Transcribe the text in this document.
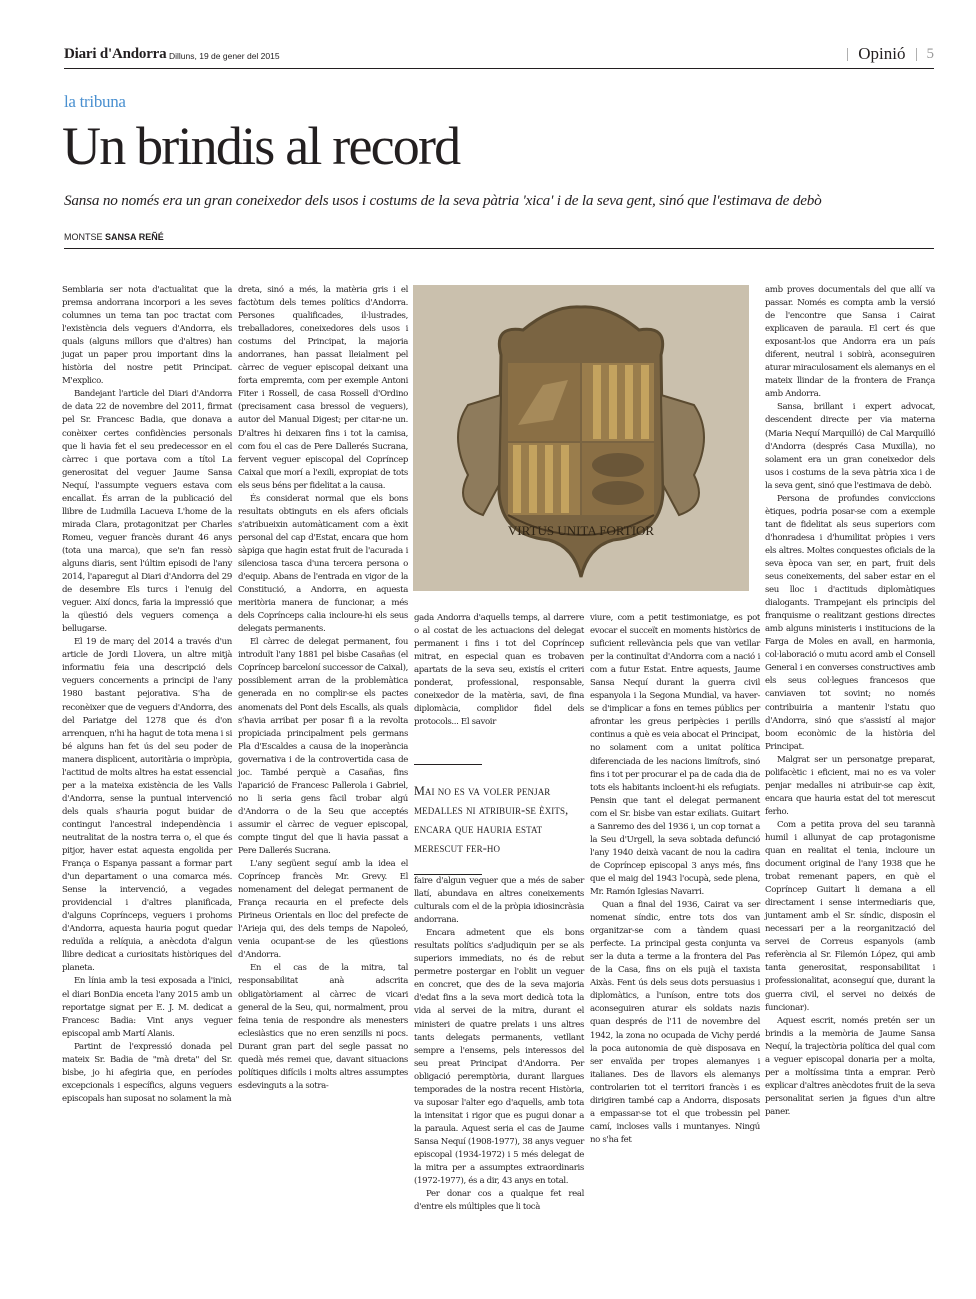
Diari d'Andorra Dilluns, 19 de gener del 2015	Opinió 5
la tribuna
Un brindis al record
Sansa no només era un gran coneixedor dels usos i costums de la seva pàtria 'xica' i de la seva gent, sinó que l'estimava de debò
MONTSE SANSA REÑÉ

Semblaria ser nota d'actualitat que la premsa andorrana incorpori a les seves columnes un tema tan poc tractat com l'existència dels veguers d'Andorra, els quals (alguns millors que d'altres) han jugat un paper prou important dins la història del nostre petit Principat. M'explico.

Bandejant l'article del Diari d'Andorra de data 22 de novembre del 2011, firmat pel Sr. Francesc Badia, que donava a conèixer certes confidències personals que li havia fet el seu predecessor en el càrrec i que portava com a títol La generositat del veguer Jaume Sansa Nequí, l'assumpte veguers estava com encallat. És arran de la publicació del llibre de Ludmilla Lacueva L'home de la mirada Clara, protagonitzat per Charles Romeu, veguer francès durant 46 anys (tota una marca), que se'n fan ressò alguns diaris, sent l'últim episodi de l'any 2014, l'aparegut al Diari d'Andorra del 29 de desembre Els turcs i l'enuig del veguer. Així doncs, faria la impressió que la qüestió dels veguers comença a bellugarse.

El 19 de març del 2014 a través d'un article de Jordi Llovera, un altre mitjà informatiu feia una descripció dels veguers concernents a principi de l'any 1980 bastant pejorativa. S'ha de reconèixer que de veguers d'Andorra, des del Pariatge del 1278 que és d'on arrenquen, n'hi ha hagut de tota mena i si bé alguns han fet ús del seu poder de manera displicent, autoritària o impròpia, l'actitud de molts altres ha estat essencial per a la mateixa existència de les Valls d'Andorra, sense la puntual intervenció dels quals s'hauria pogut buidar de contingut l'ancestral independència i neutralitat de la nostra terra o, el que és pitjor, haver estat aquesta engolida per França o Espanya passant a formar part d'un departament o una comarca més. Sense la intervenció, a vegades providencial i d'altres planificada, d'alguns Coprínceps, veguers i prohoms d'Andorra, aquesta hauria pogut quedar reduïda a relíquia, a anècdota d'algun llibre dedicat a curiositats històriques del planeta.

En línia amb la tesi exposada a l'inici, el diari BonDia enceta l'any 2015 amb un reportatge signat per E. J. M. dedicat a Francesc Badia: Vint anys veguer episcopal amb Martí Alanis.

Partint de l'expressió donada pel mateix Sr. Badia de "mà dreta" del Sr. bisbe, jo hi afegiria que, en períodes excepcionals i específics, alguns veguers episcopals han suposat no solament la mà

dreta, sinó a més, la matèria gris i el factòtum dels temes polítics d'Andorra. Persones qualificades, il·lustrades, treballadores, coneixedores dels usos i costums del Principat, la majoria andorranes, han passat lleialment pel càrrec de veguer episcopal deixant una forta empremta, com per exemple Antoni Fiter i Rossell, de casa Rossell d'Ordino (precisament casa bressol de veguers), autor del Manual Digest; per citar-ne un. D'altres hi deixaren fins i tot la camisa, com fou el cas de Pere Dallerés Sucrana, fervent veguer episcopal del Copríncep Caixal que morí a l'exili, expropiat de tots els seus béns per fidelitat a la causa.

És considerat normal que els bons resultats obtinguts en els afers oficials s'atribueixin automàticament com a èxit personal del cap d'Estat, encara que hom sàpiga que hagin estat fruit de l'acurada i silenciosa tasca d'una tercera persona o d'equip. Abans de l'entrada en vigor de la Constitució, a Andorra, en aquesta meritòria manera de funcionar, a més dels Coprínceps calia incloure-hi els seus delegats permanents.

El càrrec de delegat permanent, fou introduït l'any 1881 pel bisbe Casañas (el Copríncep barceloní successor de Caixal), possiblement arran de la problemàtica generada en no complir-se els pactes anomenats del Pont dels Escalls, als quals s'havia arribat per posar fi a la revolta propiciada principalment pels germans Pla d'Escaldes a causa de la inoperància governativa i de la controvertida casa de joc. També perquè a Casañas, fins l'aparició de Francesc Pallerola i Gabriel, no li seria gens fàcil trobar algú d'Andorra o de la Seu que acceptés assumir el càrrec de veguer episcopal, compte tingut del que li havia passat a Pere Dallerés Sucrana.

L'any següent seguí amb la idea el Copríncep francès Mr. Grevy. El nomenament del delegat permanent de França recauria en el prefecte dels Pirineus Orientals en lloc del prefecte de l'Arieja qui, des dels temps de Napoleó, venia ocupant-se de les qüestions d'Andorra.

En el cas de la mitra, tal responsabilitat anà adscrita obligatòriament al càrrec de vicari general de la Seu, qui, normalment, prou feina tenia de respondre als menesters eclesiàstics que no eren senzills ni pocs. Durant gran part del segle passat no quedà més remei que, davant situacions polítiques difícils i molts altres assumptes esdevinguts a la sotra-

VIRTUS UNITA FORTIOR

gada Andorra d'aquells temps, al darrere o al costat de les actuacions del delegat permanent i fins i tot del Copríncep mitrat, en especial quan es trobaven apartats de la seva seu, existís el criteri ponderat, professional, responsable, coneixedor de la matèria, savi, de fina diplomàcia, complidor fidel dels protocols... El savoir

Mai no es va voler penjar medalles ni atribuir-se èxits, encara que hauria estat merescut fer-ho

faire d'algun veguer que a més de saber llatí, abundava en altres coneixements culturals com el de la pròpia idiosincràsia andorrana.

Encara admetent que els bons resultats polítics s'adjudiquin per se als superiors immediats, no és de rebut permetre postergar en l'oblit un veguer en concret, que des de la seva majoria d'edat fins a la seva mort dedicà tota la vida al servei de la mitra, durant el ministeri de quatre prelats i uns altres tants delegats permanents, vetllant sempre a l'ensems, pels interessos del seu preat Principat d'Andorra. Per obligació peremptòria, durant llargues temporades de la nostra recent Història, va suposar l'alter ego d'aquells, amb tota la intensitat i rigor que es pugui donar a la paraula. Aquest seria el cas de Jaume Sansa Nequí (1908-1977), 38 anys veguer episcopal (1934-1972) i 5 més delegat de la mitra per a assumptes extraordinaris (1972-1977), és a dir, 43 anys en total.

Per donar cos a qualque fet real d'entre els múltiples que li tocà

viure, com a petit testimoniatge, es pot evocar el succeït en moments històrics de suficient rellevància pels que van vetllar per la continuïtat d'Andorra com a nació i com a futur Estat. Entre aquests, Jaume Sansa Nequí durant la guerra civil espanyola i la Segona Mundial, va haver-se d'implicar a fons en temes públics per afrontar les greus peripècies i perills continus a què es veia abocat el Principat, no solament com a unitat política diferenciada de les nacions limítrofs, sinó fins i tot per procurar el pa de cada dia de tots els habitants incloent-hi els refugiats. Pensin que tant el delegat permanent com el Sr. bisbe van estar exiliats. Guitart a Sanremo des del 1936 i, un cop tornat a la Seu d'Urgell, la seva sobtada defunció l'any 1940 deixà vacant de nou la cadira de Copríncep episcopal 3 anys més, fins que el maig del 1943 l'ocupà, sede plena, Mr. Ramón Iglesias Navarri.

Quan a final del 1936, Cairat va ser nomenat síndic, entre tots dos van organitzar-se com a tàndem quasi perfecte. La principal gesta conjunta va ser la duta a terme a la frontera del Pas de la Casa, fins on els pujà el taxista Aixàs. Fent ús dels seus dots persuasius i diplomàtics, a l'uníson, entre tots dos aconseguiren aturar els soldats nazis quan després de l'11 de novembre del 1942, la zona no ocupada de Vichy perdé la poca autonomia de què disposava en ser envaïda per tropes alemanyes i italianes. Des de llavors els alemanys controlarien tot el territori francès i es dirigiren també cap a Andorra, disposats a empassar-se tot el que trobessin pel camí, incloses valls i muntanyes. Ningú no s'ha fet

amb proves documentals del que allí va passar. Només es compta amb la versió de l'encontre que Sansa i Cairat explicaven de paraula. El cert és que exposant-los que Andorra era un país diferent, neutral i sobirà, aconseguiren aturar miraculosament els alemanys en el mateix llindar de la frontera de França amb Andorra.

Sansa, brillant i expert advocat, descendent directe per via materna (Maria Nequí Marquilló) de Cal Marquilló d'Andorra (després Casa Muxilla), no solament era un gran coneixedor dels usos i costums de la seva pàtria xica i de la seva gent, sinó que l'estimava de debò.

Persona de profundes conviccions ètiques, podria posar-se com a exemple tant de fidelitat als seus superiors com d'honradesa i d'humilitat pròpies i vers els altres. Moltes conquestes oficials de la seva època van ser, en part, fruit dels seus coneixements, del saber estar en el seu lloc i d'actituds diplomàtiques dialogants. Trampejant els principis del franquisme o realitzant gestions directes amb alguns ministeris i institucions de la Farga de Moles en avall, en harmonia, col·laboració o mutu acord amb el Consell General i en converses constructives amb els seus col·legues francesos que canviaven tot sovint; no només contribuiria a mantenir l'statu quo d'Andorra, sinó que s'assistí al major boom econòmic de la història del Principat.

Malgrat ser un personatge preparat, polifacètic i eficient, mai no es va voler penjar medalles ni atribuir-se cap èxit, encara que hauria estat del tot merescut ferho.

Com a petita prova del seu tarannà humil i allunyat de cap protagonisme quan en realitat el tenia, incloure un document original de l'any 1938 que he trobat remenant papers, en què el Copríncep Guitart li demana a ell directament i sense intermediaris que, juntament amb el Sr. síndic, disposin el necessari per a la reorganització del servei de Correus espanyols (amb referència al Sr. Filemón López, qui amb tanta generositat, responsabilitat i professionalitat, aconseguí que, durant la guerra civil, el servei no deixés de funcionar).

Aquest escrit, només pretén ser un brindis a la memòria de Jaume Sansa Nequí, la trajectòria política del qual com a veguer episcopal donaria per a molta, per a moltíssima tinta a emprar. Però explicar d'altres anècdotes fruit de la seva personalitat serien ja figues d'un altre paner.
